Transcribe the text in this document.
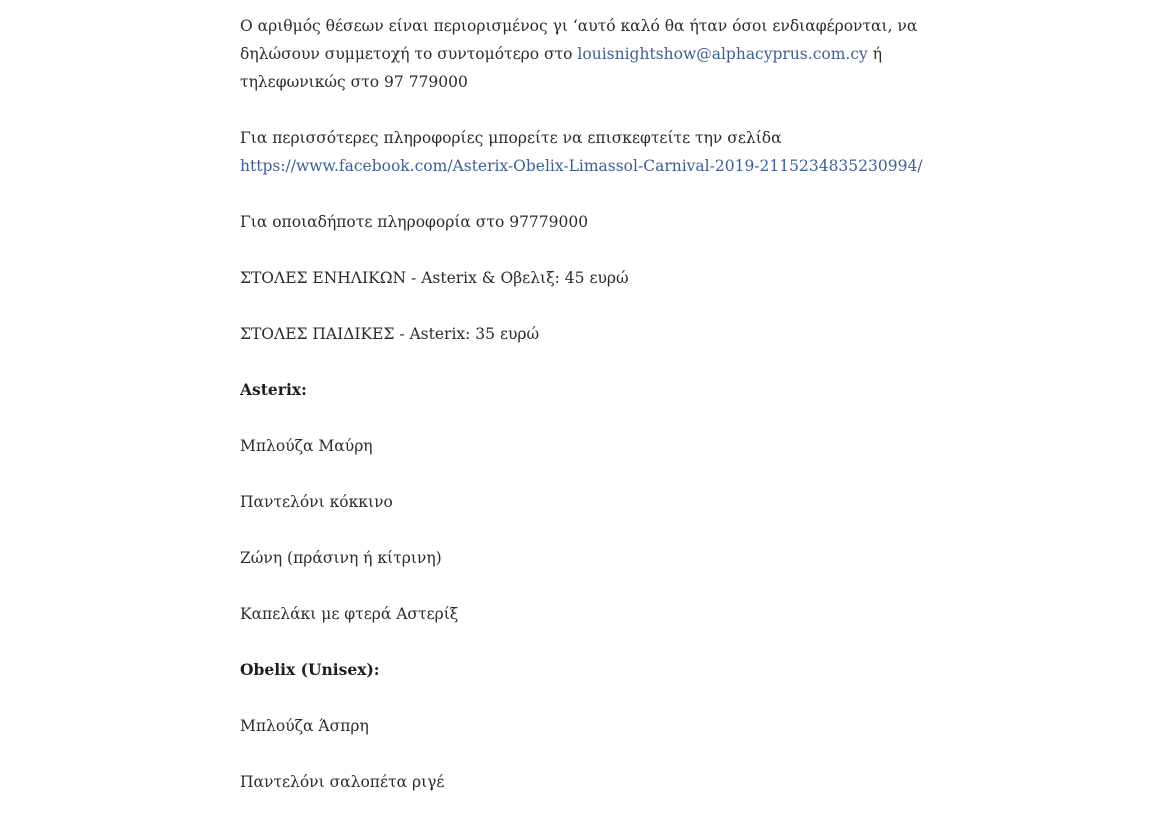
Ο αριθμός θέσεων είναι περιορισμένος γι ‘αυτό καλό θα ήταν όσοι ενδιαφέρονται, να
δηλώσουν συμμετοχή το συντομότερο στο louisnightshow@alphacyprus.com.cy ή
τηλεφωνικώς στο 97 779000

Για περισσότερες πληροφορίες μπορείτε να επισκεφτείτε την σελίδα
https://www.facebook.com/Asterix-Obelix-Limassol-Carnival-2019-2115234835230994/

Για οποιαδήποτε πληροφορία στο 97779000

ΣΤΟΛΕΣ ΕΝΗΛΙΚΩΝ - Asterix & Οβελιξ: 45 ευρώ

ΣΤΟΛΕΣ ΠΑΙΔΙΚΕΣ - Asterix: 35 ευρώ

Asterix:

Μπλούζα Μαύρη

Παντελόνι κόκκινο

Ζώνη (πράσινη ή κίτρινη)

Καπελάκι με φτερά Αστερίξ

Obelix (Unisex):

Μπλούζα Άσπρη

Παντελόνι σαλοπέτα ριγέ
